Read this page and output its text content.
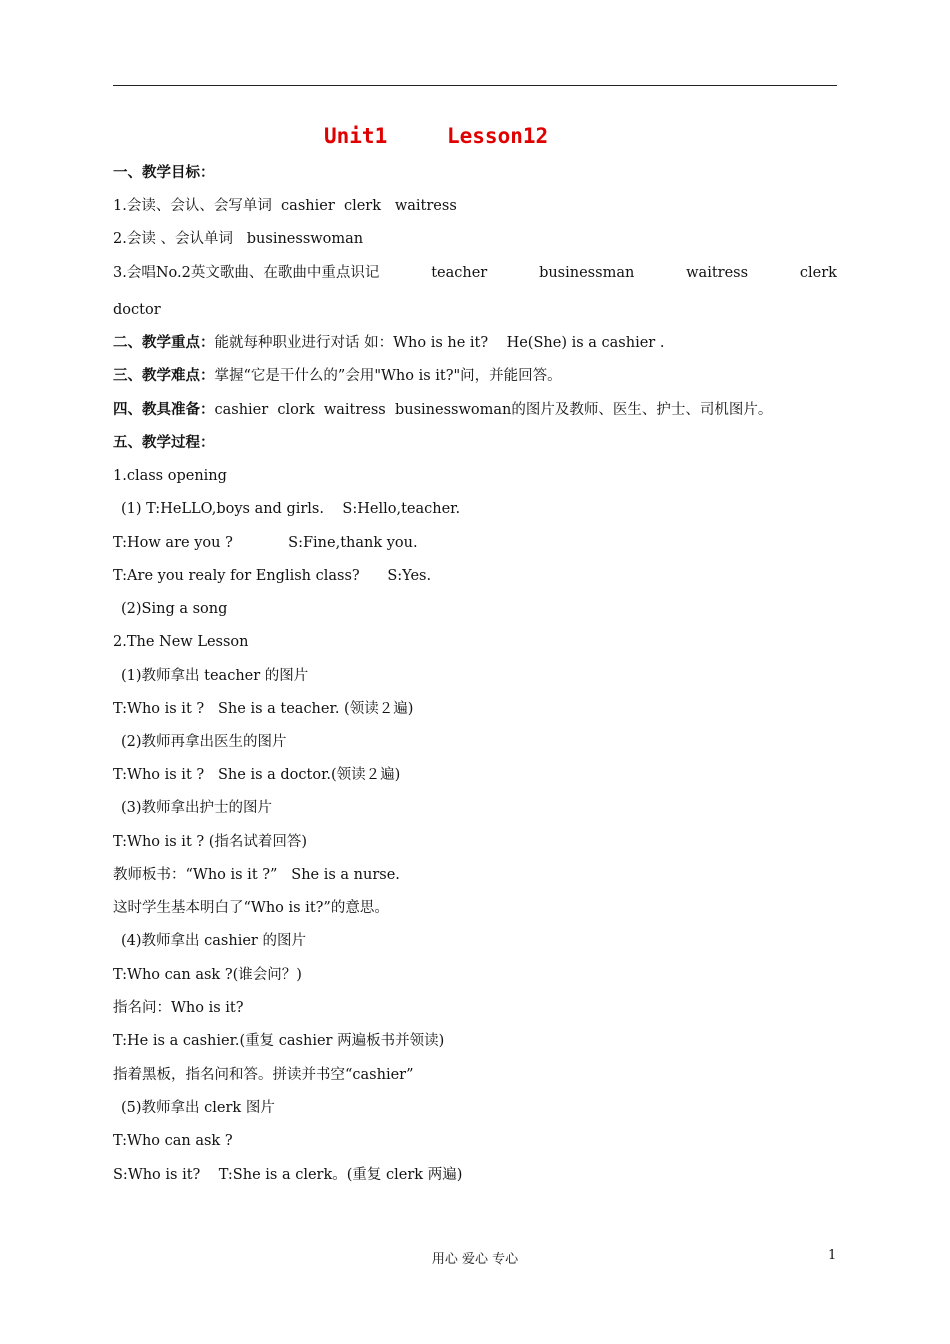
Unit1	Lesson12
一、教学目标：
1.会读、会认、会写单词  cashier  clerk   waitress
2.会读 、会认单词   businesswoman
3.会唱No.2英文歌曲、在歌曲中重点识记	teacher	businessman	waitress	clerk
doctor
二、教学重点：能就每种职业进行对话 如：Who is he it?    He(She) is a cashier .
三、教学难点：掌握“它是干什么的”会用"Who is it?"问，并能回答。
四、教具准备：cashier  clork  waitress  businesswoman的图片及教师、医生、护士、司机图片。
五、教学过程：
1.class opening
(1) T:HeLLO,boys and girls.    S:Hello,teacher.
T:How are you ?            S:Fine,thank you.
T:Are you realy for English class?      S:Yes.
(2)Sing a song
2.The New Lesson
(1)教师拿出 teacher 的图片
T:Who is it ?   She is a teacher. (领读２遍)
(2)教师再拿出医生的图片
T:Who is it ?   She is a doctor.(领读２遍)
(3)教师拿出护士的图片
T:Who is it ? (指名试着回答)
教师板书：“Who is it ?”   She is a nurse.
这时学生基本明白了“Who is it?”的意思。
(4)教师拿出 cashier 的图片
T:Who can ask ?(谁会问？)
指名问：Who is it?
T:He is a cashier.(重复 cashier 两遍板书并领读)
指着黑板，指名问和答。拼读并书空“cashier”
(5)教师拿出 clerk 图片
T:Who can ask ?
S:Who is it?    T:She is a clerk。(重复 clerk 两遍)
用心 爱心 专心	1
